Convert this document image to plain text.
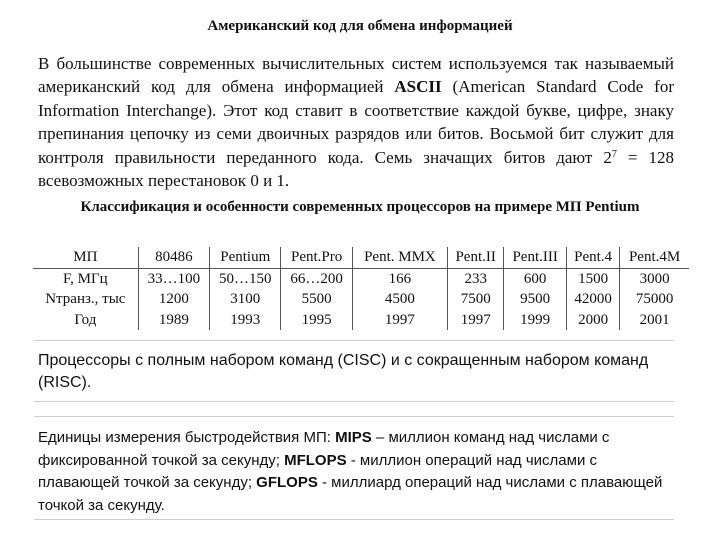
Американский код для обмена информацией
В большинстве современных вычислительных систем используемся так называемый американский код для обмена информацией ASCII (American Standard Code for Information Interchange). Этот код ставит в соответствие каждой букве, цифре, знаку препинания цепочку из семи двоичных разрядов или битов. Восьмой бит служит для контроля правильности переданного кода. Семь значащих битов дают $2^7 = 128$ всевозможных перестановок 0 и 1.
Классификация и особенности современных процессоров на примере МП Pentium
МП	80486	Pentium	Pent.Pro	Pent. MMX	Pent.II	Pent.III	Pent.4	Pent.4M
F, МГц	33…100	50…150	66…200	166	233	600	1500	3000
Nтранз., тыс	1200	3100	5500	4500	7500	9500	42000	75000
Год	1989	1993	1995	1997	1997	1999	2000	2001
Процессоры с полным набором команд (CISC) и с сокращенным набором команд (RISC).
Единицы измерения быстродействия МП: MIPS – миллион команд над числами с фиксированной точкой за секунду; MFLOPS - миллион операций над числами с плавающей точкой за секунду; GFLOPS - миллиард операций над числами с плавающей точкой за секунду.
